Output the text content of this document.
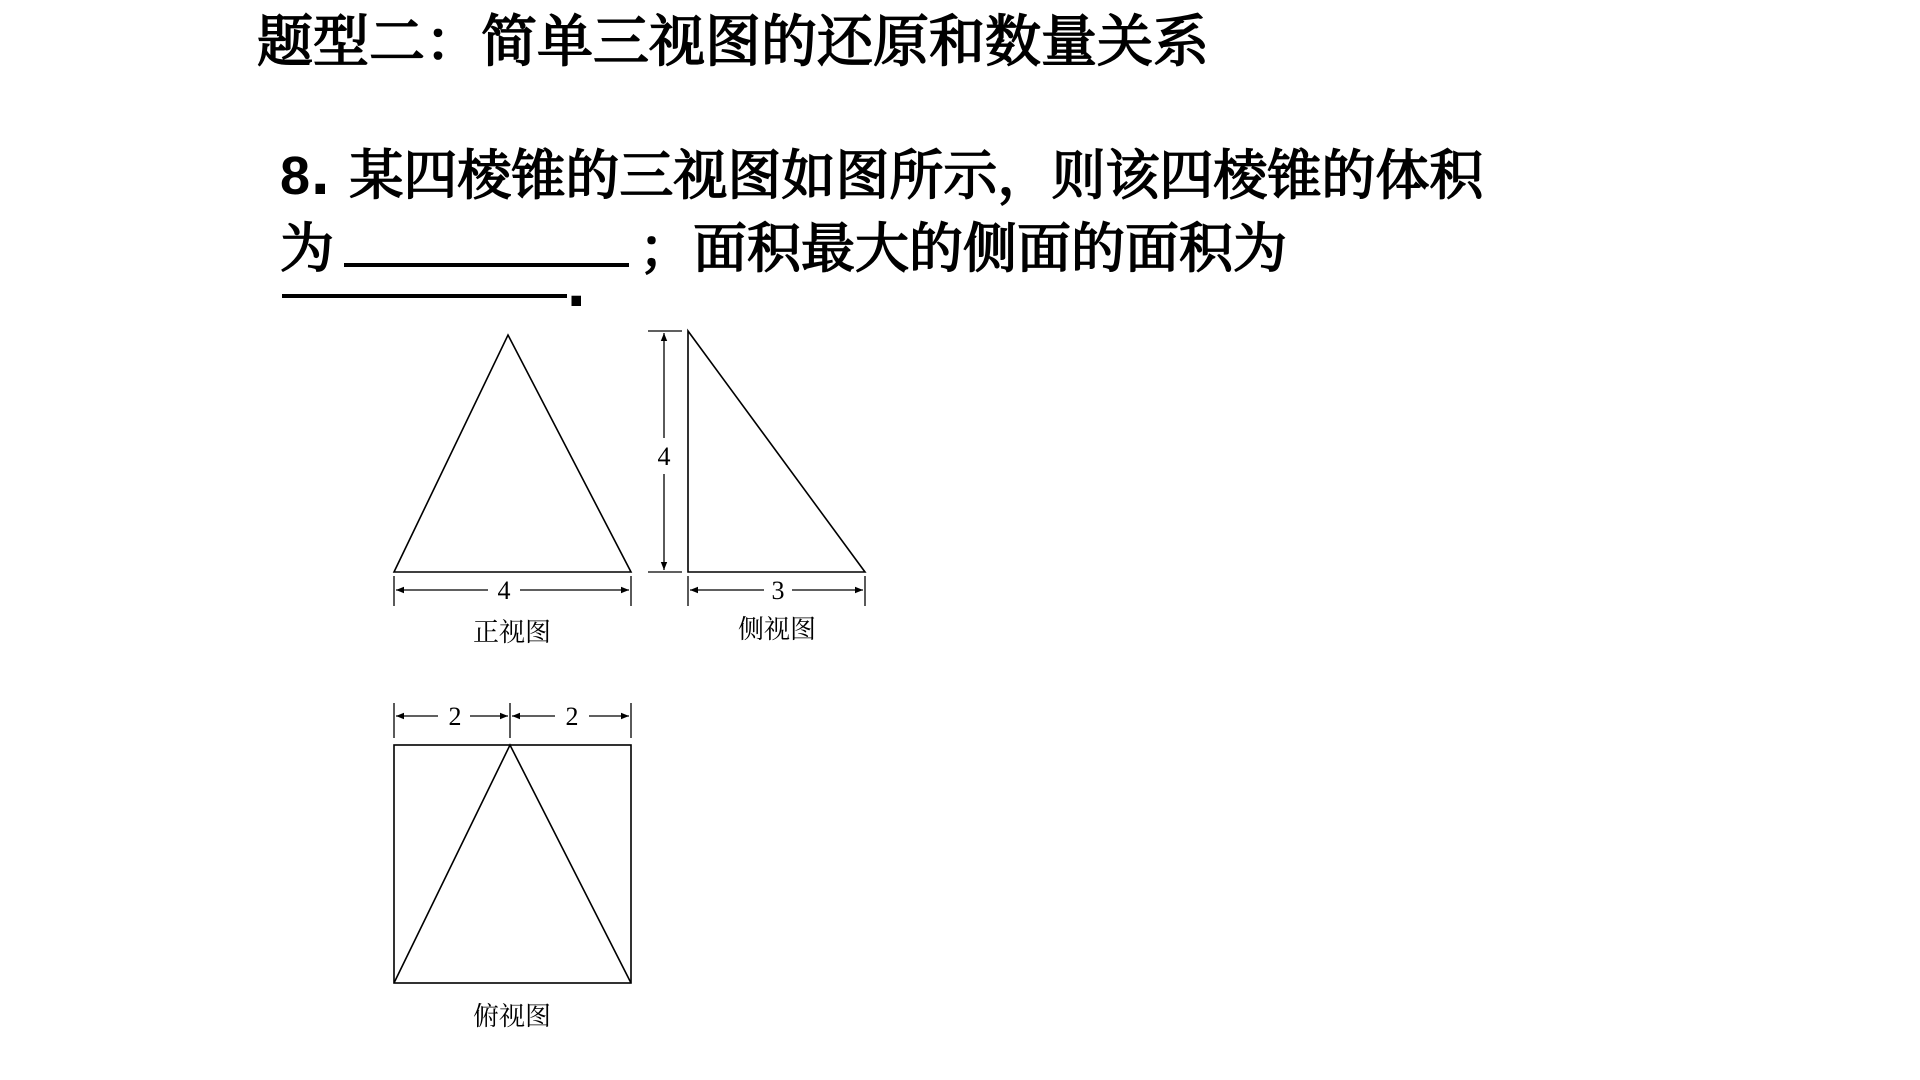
题型二：简单三视图的还原和数量关系
8. 某四棱锥的三视图如图所示，则该四棱锥的体积
为	；面积最大的侧面的面积为
.
4
正视图
4
3
侧视图
2	2
俯视图
